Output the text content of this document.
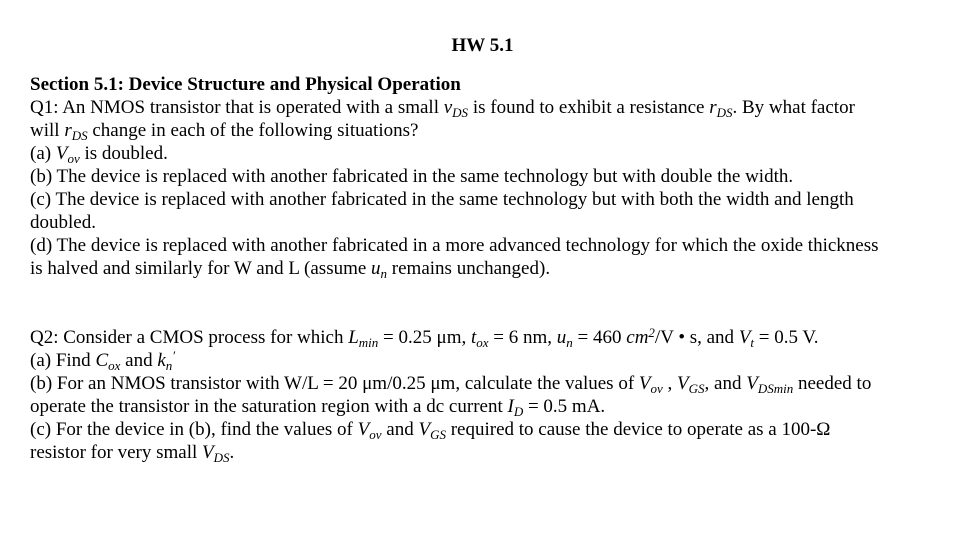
HW 5.1
Section 5.1: Device Structure and Physical Operation
Q1: An NMOS transistor that is operated with a small $v_{DS}$ is found to exhibit a resistance $r_{DS}$. By what factor
will $r_{DS}$ change in each of the following situations?
(a) $V_{ov}$ is doubled.
(b) The device is replaced with another fabricated in the same technology but with double the width.
(c) The device is replaced with another fabricated in the same technology but with both the width and length
doubled.
(d) The device is replaced with another fabricated in a more advanced technology for which the oxide thickness
is halved and similarly for W and L (assume $u_n$ remains unchanged).
Q2: Consider a CMOS process for which $L_{min} = 0.25$ μm, $t_{ox} = 6$ nm, $u_n = 460$ $cm^2/V$ • s, and $V_t = 0.5$ V.
(a) Find $C_{ox}$ and $k_n'$
(b) For an NMOS transistor with W/L = 20 μm/0.25 μm, calculate the values of $V_{ov}$ , $V_{GS}$, and $V_{DSmin}$ needed to
operate the transistor in the saturation region with a dc current $I_D = 0.5$ mA.
(c) For the device in (b), find the values of $V_{ov}$ and $V_{GS}$ required to cause the device to operate as a 100-Ω
resistor for very small $V_{DS}$.
